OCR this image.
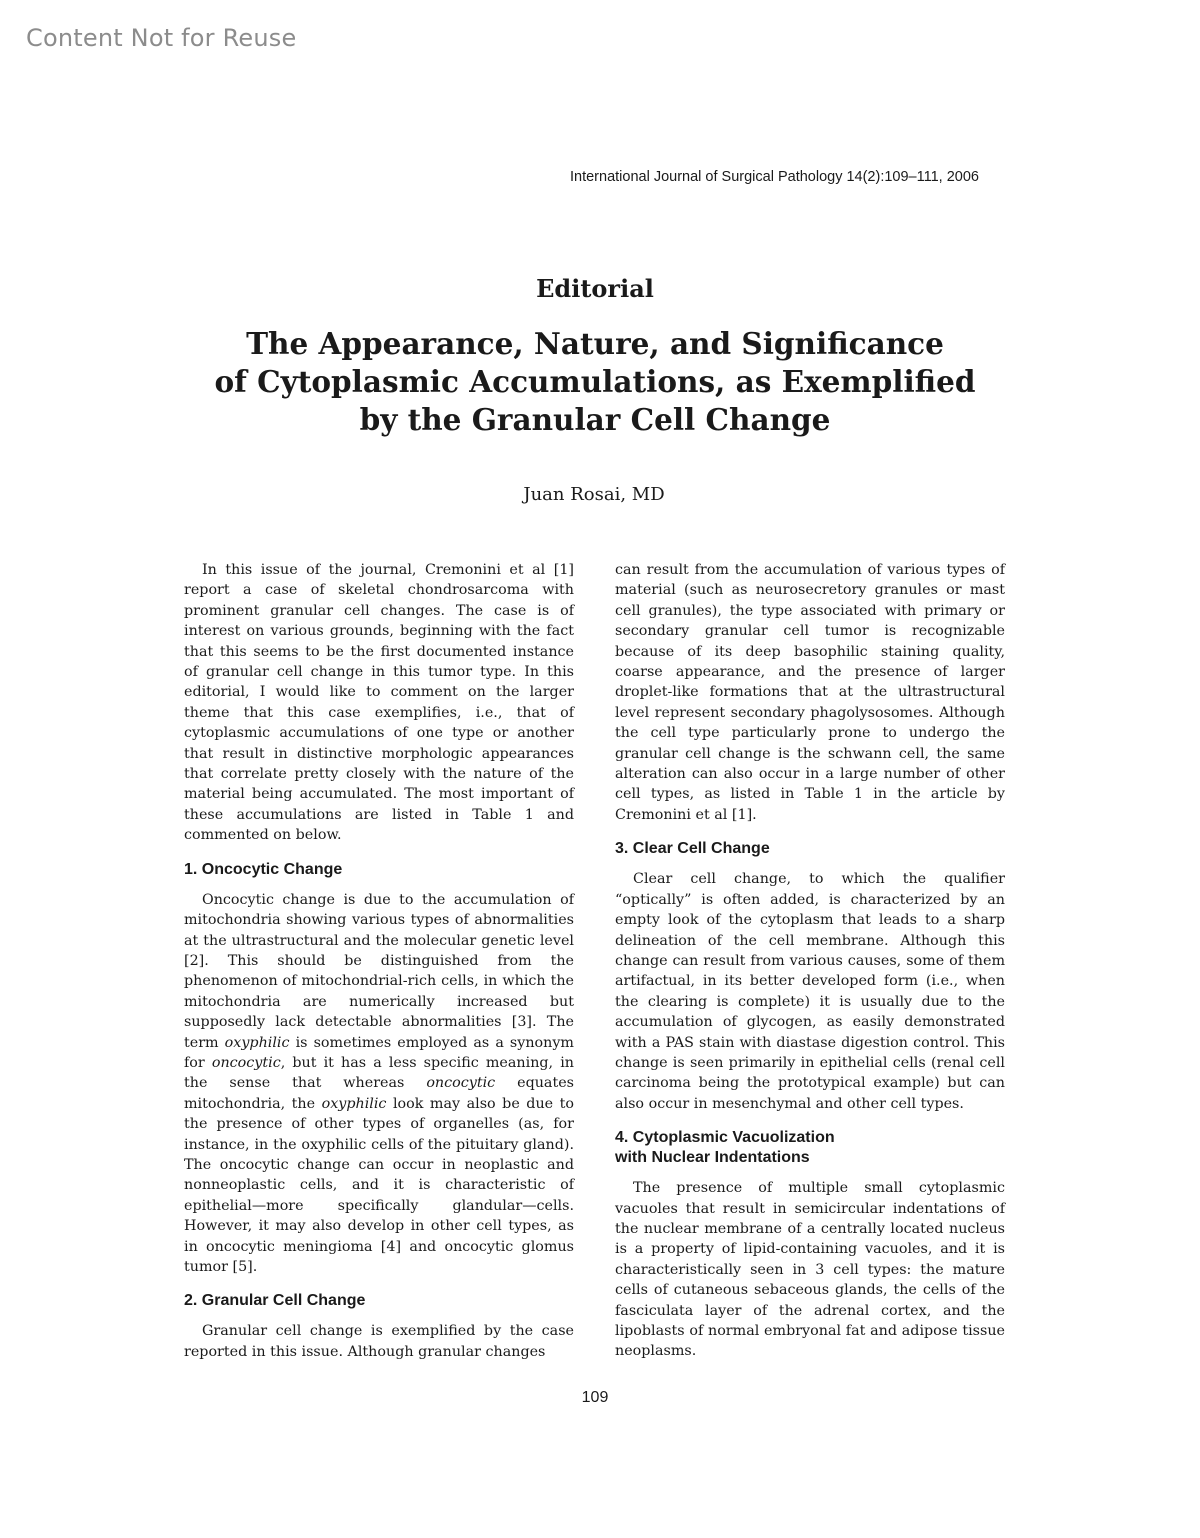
Content Not for Reuse
International Journal of Surgical Pathology 14(2):109–111, 2006
Editorial
The Appearance, Nature, and Significance
of Cytoplasmic Accumulations, as Exemplified
by the Granular Cell Change
Juan Rosai, MD

In this issue of the journal, Cremonini et al [1] report a case of skeletal chondrosarcoma with prominent granular cell changes. The case is of interest on various grounds, beginning with the fact that this seems to be the first documented instance of granular cell change in this tumor type. In this editorial, I would like to comment on the larger theme that this case exemplifies, i.e., that of cytoplasmic accumulations of one type or another that result in distinctive morphologic appearances that correlate pretty closely with the nature of the material being accumulated. The most important of these accumulations are listed in Table 1 and commented on below.

1. Oncocytic Change

Oncocytic change is due to the accumulation of mitochondria showing various types of abnormalities at the ultrastructural and the molecular genetic level [2]. This should be distinguished from the phenomenon of mitochondrial-rich cells, in which the mitochondria are numerically increased but supposedly lack detectable abnormalities [3]. The term oxyphilic is sometimes employed as a synonym for oncocytic, but it has a less specific meaning, in the sense that whereas oncocytic equates mitochondria, the oxyphilic look may also be due to the presence of other types of organelles (as, for instance, in the oxyphilic cells of the pituitary gland). The oncocytic change can occur in neoplastic and nonneoplastic cells, and it is characteristic of epithelial—more specifically glandular—cells. However, it may also develop in other cell types, as in oncocytic meningioma [4] and oncocytic glomus tumor [5].

2. Granular Cell Change

Granular cell change is exemplified by the case reported in this issue. Although granular changes

can result from the accumulation of various types of material (such as neurosecretory granules or mast cell granules), the type associated with primary or secondary granular cell tumor is recognizable because of its deep basophilic staining quality, coarse appearance, and the presence of larger droplet-like formations that at the ultrastructural level represent secondary phagolysosomes. Although the cell type particularly prone to undergo the granular cell change is the schwann cell, the same alteration can also occur in a large number of other cell types, as listed in Table 1 in the article by Cremonini et al [1].

3. Clear Cell Change

Clear cell change, to which the qualifier “optically” is often added, is characterized by an empty look of the cytoplasm that leads to a sharp delineation of the cell membrane. Although this change can result from various causes, some of them artifactual, in its better developed form (i.e., when the clearing is complete) it is usually due to the accumulation of glycogen, as easily demonstrated with a PAS stain with diastase digestion control. This change is seen primarily in epithelial cells (renal cell carcinoma being the prototypical example) but can also occur in mesenchymal and other cell types.

4. Cytoplasmic Vacuolization
with Nuclear Indentations

The presence of multiple small cytoplasmic vacuoles that result in semicircular indentations of the nuclear membrane of a centrally located nucleus is a property of lipid-containing vacuoles, and it is characteristically seen in 3 cell types: the mature cells of cutaneous sebaceous glands, the cells of the fasciculata layer of the adrenal cortex, and the lipoblasts of normal embryonal fat and adipose tissue neoplasms.

109
